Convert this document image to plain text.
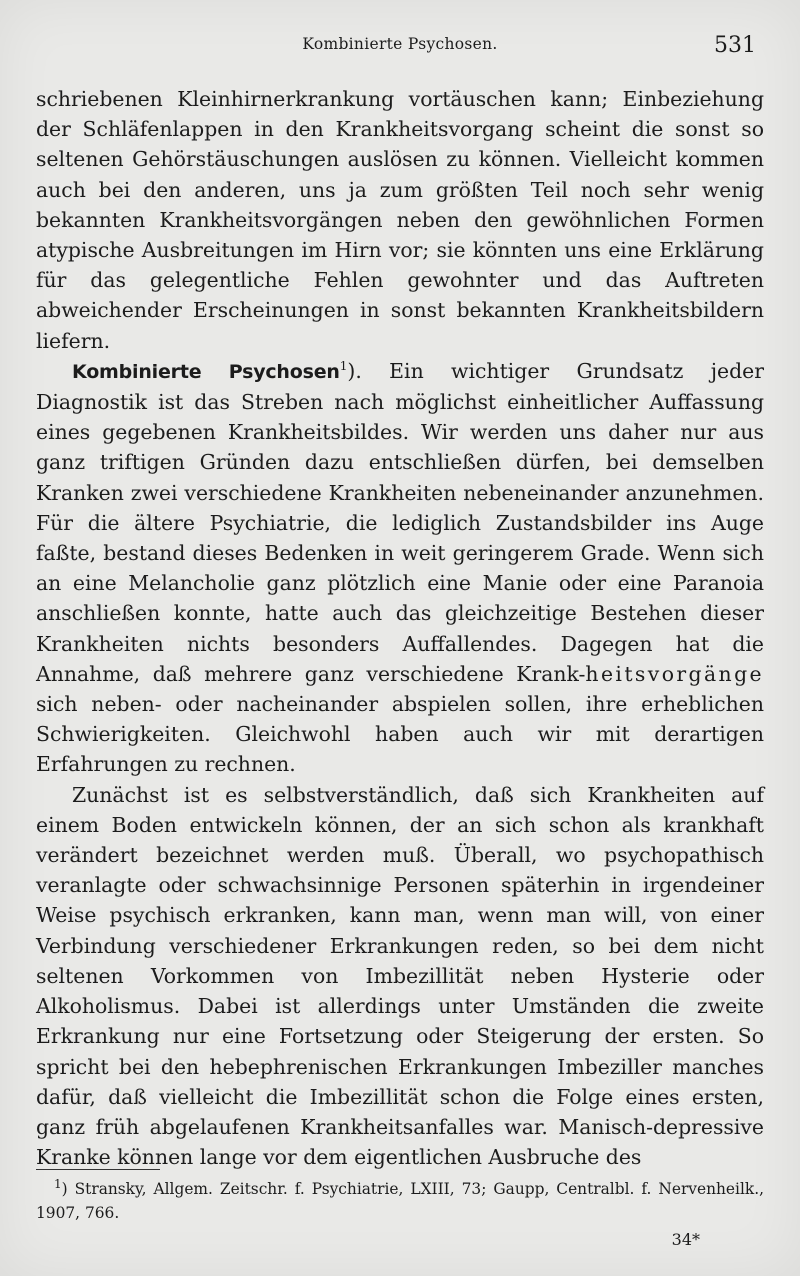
Kombinierte Psychosen.	531

schriebenen Kleinhirnerkrankung vortäuschen kann; Einbeziehung der Schläfenlappen in den Krankheitsvorgang scheint die sonst so seltenen Gehörstäuschungen auslösen zu können. Vielleicht kommen auch bei den anderen, uns ja zum größten Teil noch sehr wenig bekannten Krankheitsvorgängen neben den gewöhnlichen Formen atypische Ausbreitungen im Hirn vor; sie könnten uns eine Erklärung für das gelegentliche Fehlen gewohnter und das Auftreten abweichender Erscheinungen in sonst bekannten Krankheitsbildern liefern.

Kombinierte Psychosen$^1$). Ein wichtiger Grundsatz jeder Diagnostik ist das Streben nach möglichst einheitlicher Auffassung eines gegebenen Krankheitsbildes. Wir werden uns daher nur aus ganz triftigen Gründen dazu entschließen dürfen, bei demselben Kranken zwei verschiedene Krankheiten nebeneinander anzunehmen. Für die ältere Psychiatrie, die lediglich Zustandsbilder ins Auge faßte, bestand dieses Bedenken in weit geringerem Grade. Wenn sich an eine Melancholie ganz plötzlich eine Manie oder eine Paranoia anschließen konnte, hatte auch das gleichzeitige Bestehen dieser Krankheiten nichts besonders Auffallendes. Dagegen hat die Annahme, daß mehrere ganz verschiedene Krank-heitsvorgänge sich neben- oder nacheinander abspielen sollen, ihre erheblichen Schwierigkeiten. Gleichwohl haben auch wir mit derartigen Erfahrungen zu rechnen.

Zunächst ist es selbstverständlich, daß sich Krankheiten auf einem Boden entwickeln können, der an sich schon als krankhaft verändert bezeichnet werden muß. Überall, wo psychopathisch veranlagte oder schwachsinnige Personen späterhin in irgendeiner Weise psychisch erkranken, kann man, wenn man will, von einer Verbindung verschiedener Erkrankungen reden, so bei dem nicht seltenen Vorkommen von Imbezillität neben Hysterie oder Alkoholismus. Dabei ist allerdings unter Umständen die zweite Erkrankung nur eine Fortsetzung oder Steigerung der ersten. So spricht bei den hebephrenischen Erkrankungen Imbeziller manches dafür, daß vielleicht die Imbezillität schon die Folge eines ersten, ganz früh abgelaufenen Krankheitsanfalles war. Manisch-depressive Kranke können lange vor dem eigentlichen Ausbruche des

$^1$) Stransky, Allgem. Zeitschr. f. Psychiatrie, LXIII, 73; Gaupp, Centralbl. f. Nervenheilk., 1907, 766.
34*
